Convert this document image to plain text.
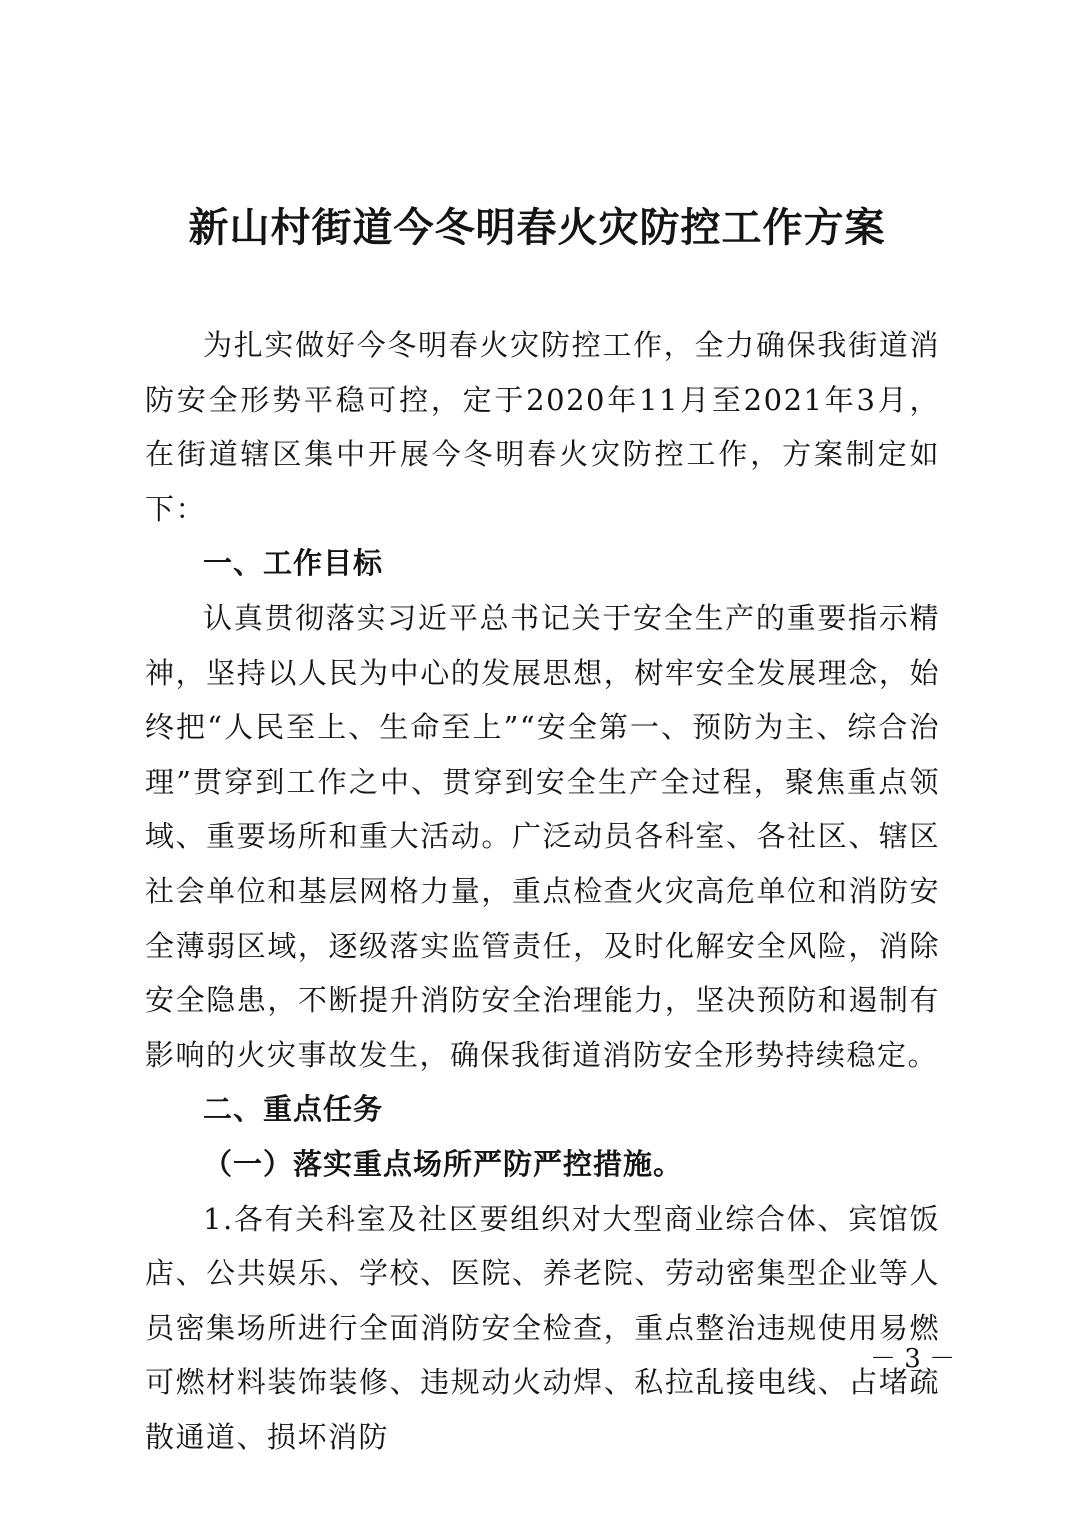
新山村街道今冬明春火灾防控工作方案

为扎实做好今冬明春火灾防控工作，全力确保我街道消防安全形势平稳可控，定于2020年11月至2021年3月，在街道辖区集中开展今冬明春火灾防控工作，方案制定如下：

一、工作目标

认真贯彻落实习近平总书记关于安全生产的重要指示精神，坚持以人民为中心的发展思想，树牢安全发展理念，始终把“人民至上、生命至上”“安全第一、预防为主、综合治理”贯穿到工作之中、贯穿到安全生产全过程，聚焦重点领域、重要场所和重大活动。广泛动员各科室、各社区、辖区社会单位和基层网格力量，重点检查火灾高危单位和消防安全薄弱区域，逐级落实监管责任，及时化解安全风险，消除安全隐患，不断提升消防安全治理能力，坚决预防和遏制有影响的火灾事故发生，确保我街道消防安全形势持续稳定。

二、重点任务

（一）落实重点场所严防严控措施。

1.各有关科室及社区要组织对大型商业综合体、宾馆饭店、公共娱乐、学校、医院、养老院、劳动密集型企业等人员密集场所进行全面消防安全检查，重点整治违规使用易燃可燃材料装饰装修、违规动火动焊、私拉乱接电线、占堵疏散通道、损坏消防

－ 3 －
